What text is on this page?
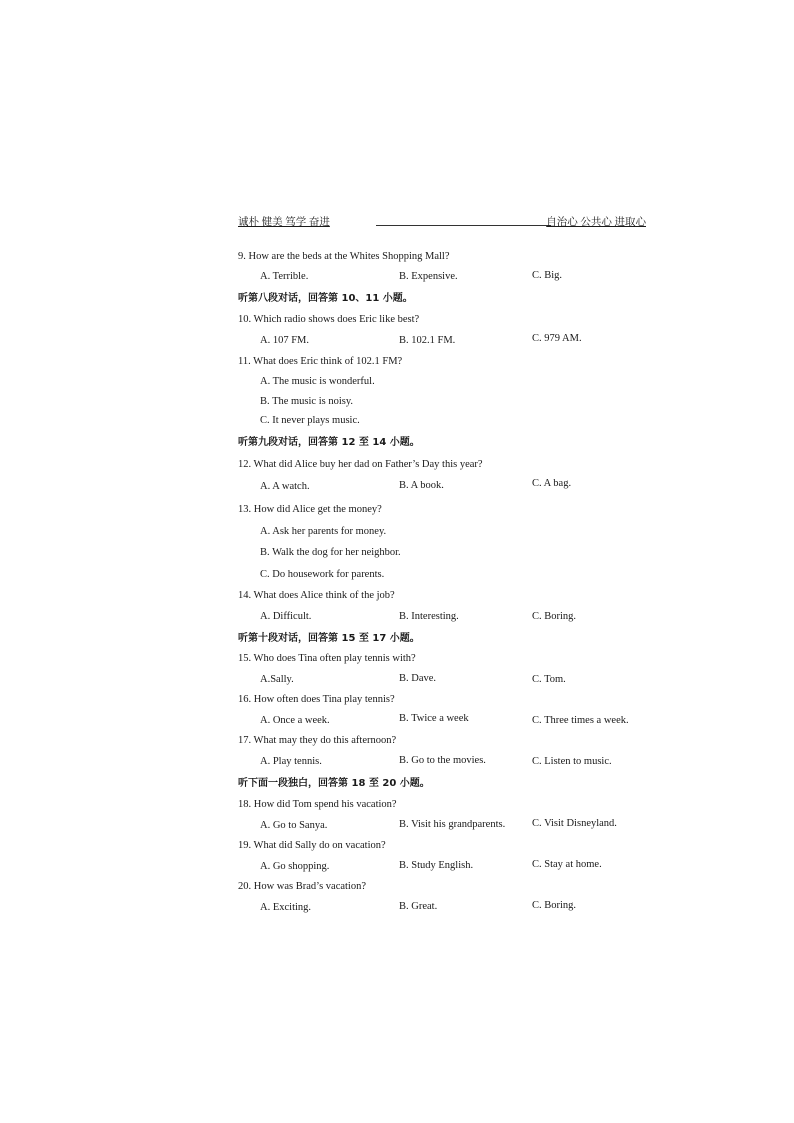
诚朴 健美 笃学 奋进	自治心 公共心 进取心
9. How are the beds at the Whites Shopping Mall?
A. Terrible.	B. Expensive.	C. Big.
听第八段对话，回答第 10、11 小题。
10. Which radio shows does Eric like best?
A. 107 FM.	B. 102.1 FM.	C. 979 AM.
11. What does Eric think of 102.1 FM?
A. The music is wonderful.
B. The music is noisy.
C. It never plays music.
听第九段对话，回答第 12 至 14 小题。
12. What did Alice buy her dad on Father’s Day this year?
A. A watch.	B. A book.	C. A bag.
13. How did Alice get the money?
A. Ask her parents for money.
B. Walk the dog for her neighbor.
C. Do housework for parents.
14. What does Alice think of the job?
A. Difficult.	B. Interesting.	C. Boring.
听第十段对话，回答第 15 至 17 小题。
15. Who does Tina often play tennis with?
A.Sally.	B. Dave.	C. Tom.
16. How often does Tina play tennis?
A. Once a week.	B. Twice a week	C. Three times a week.
17. What may they do this afternoon?
A. Play tennis.	B. Go to the movies.	C. Listen to music.
听下面一段独白，回答第 18 至 20 小题。
18. How did Tom spend his vacation?
A. Go to Sanya.	B. Visit his grandparents.	C. Visit Disneyland.
19. What did Sally do on vacation?
A. Go shopping.	B. Study English.	C. Stay at home.
20. How was Brad’s vacation?
A. Exciting.	B. Great.	C. Boring.
